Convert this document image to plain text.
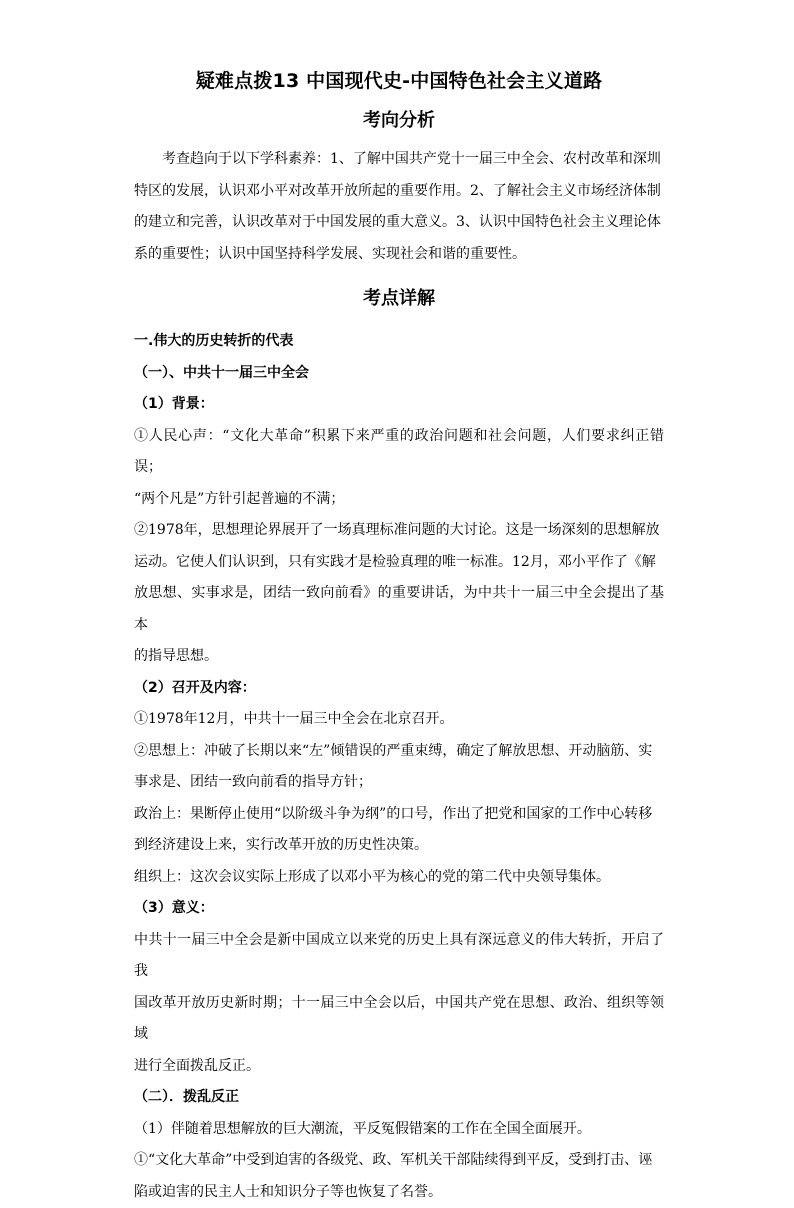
疑难点拨13 中国现代史-中国特色社会主义道路
考向分析

考查趋向于以下学科素养：1、了解中国共产党十一届三中全会、农村改革和深圳

特区的发展，认识邓小平对改革开放所起的重要作用。2、了解社会主义市场经济体制

的建立和完善，认识改革对于中国发展的重大意义。3、认识中国特色社会主义理论体

系的重要性；认识中国坚持科学发展、实现社会和谐的重要性。

考点详解

一.伟大的历史转折的代表

（一）、中共十一届三中全会

（1）背景：

①人民心声：“文化大革命”积累下来严重的政治问题和社会问题，人们要求纠正错误；

“两个凡是”方针引起普遍的不满；

②1978年，思想理论界展开了一场真理标准问题的大讨论。这是一场深刻的思想解放

运动。它使人们认识到，只有实践才是检验真理的唯一标准。12月，邓小平作了《解

放思想、实事求是，团结一致向前看》的重要讲话，为中共十一届三中全会提出了基本

的指导思想。

（2）召开及内容：

①1978年12月，中共十一届三中全会在北京召开。

②思想上：冲破了长期以来“左”倾错误的严重束缚，确定了解放思想、开动脑筋、实

事求是、团结一致向前看的指导方针；

政治上：果断停止使用“以阶级斗争为纲”的口号，作出了把党和国家的工作中心转移

到经济建设上来，实行改革开放的历史性决策。

组织上：这次会议实际上形成了以邓小平为核心的党的第二代中央领导集体。

（3）意义：

中共十一届三中全会是新中国成立以来党的历史上具有深远意义的伟大转折，开启了我

国改革开放历史新时期；十一届三中全会以后，中国共产党在思想、政治、组织等领域

进行全面拨乱反正。

（二）．拨乱反正

（1）伴随着思想解放的巨大潮流，平反冤假错案的工作在全国全面展开。

①“文化大革命”中受到迫害的各级党、政、军机关干部陆续得到平反，受到打击、诬

陷或迫害的民主人士和知识分子等也恢复了名誉。
